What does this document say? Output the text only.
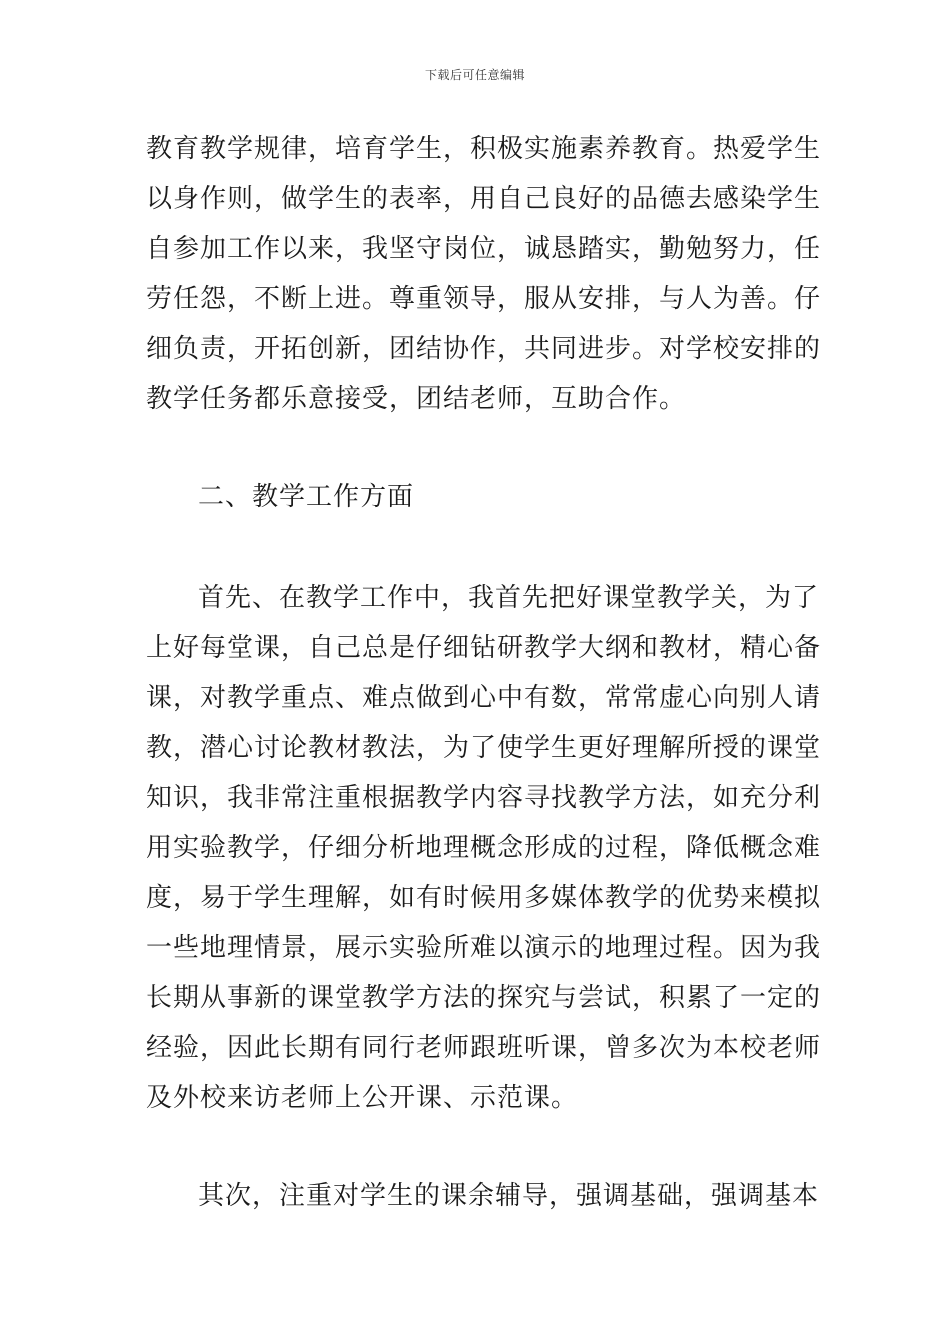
下载后可任意编辑
教育教学规律，培育学生，积极实施素养教育。热爱学生
以身作则，做学生的表率，用自己良好的品德去感染学生
自参加工作以来，我坚守岗位，诚恳踏实，勤勉努力，任
劳任怨，不断上进。尊重领导，服从安排，与人为善。仔
细负责，开拓创新，团结协作，共同进步。对学校安排的
教学任务都乐意接受，团结老师，互助合作。
二、教学工作方面
首先、在教学工作中，我首先把好课堂教学关，为了
上好每堂课，自己总是仔细钻研教学大纲和教材，精心备
课，对教学重点、难点做到心中有数，常常虚心向别人请
教，潜心讨论教材教法，为了使学生更好理解所授的课堂
知识，我非常注重根据教学内容寻找教学方法，如充分利
用实验教学，仔细分析地理概念形成的过程，降低概念难
度，易于学生理解，如有时候用多媒体教学的优势来模拟
一些地理情景，展示实验所难以演示的地理过程。因为我
长期从事新的课堂教学方法的探究与尝试，积累了一定的
经验，因此长期有同行老师跟班听课，曾多次为本校老师
及外校来访老师上公开课、示范课。
其次，注重对学生的课余辅导，强调基础，强调基本
